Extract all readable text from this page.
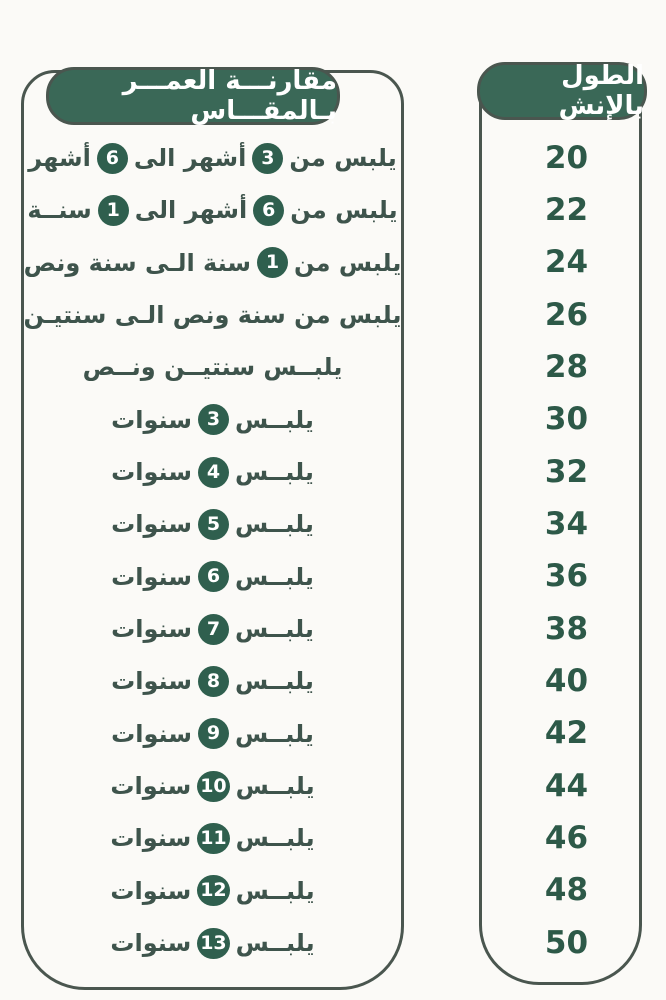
مقارنـــة العمـــر بـالمقـــاس
يلبس من
3
أشهر الى
6
أشهر
يلبس من
6
أشهر الى
1
سنــة
يلبس من
1
سنة الـى سنة ونص
يلبس من سنة ونص الـى سنتيـن
يلبــس سنتيــن ونــص
يلبــس
3
سنوات
يلبــس
4
سنوات
يلبــس
5
سنوات
يلبــس
6
سنوات
يلبــس
7
سنوات
يلبــس
8
سنوات
يلبــس
9
سنوات
يلبــس
10
سنوات
يلبــس
11
سنوات
يلبــس
12
سنوات
يلبــس
13
سنوات
الطول بالإنش
20
22
24
26
28
30
32
34
36
38
40
42
44
46
48
50
